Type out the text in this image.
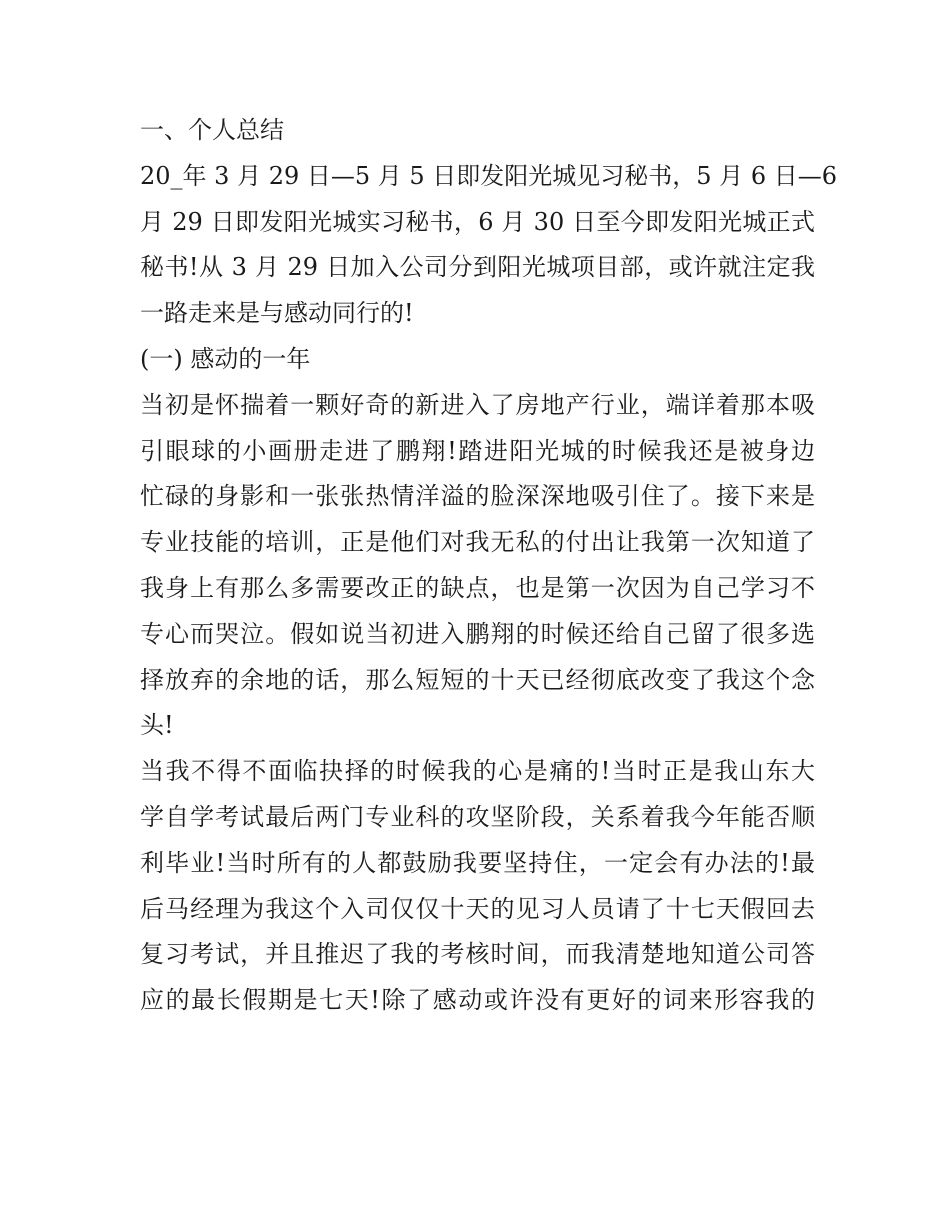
一、个人总结
20_年 3 月 29 日—5 月 5 日即发阳光城见习秘书，5 月 6 日—6
月 29 日即发阳光城实习秘书，6 月 30 日至今即发阳光城正式
秘书!从 3 月 29 日加入公司分到阳光城项目部，或许就注定我
一路走来是与感动同行的!
(一) 感动的一年
当初是怀揣着一颗好奇的新进入了房地产行业，端详着那本吸
引眼球的小画册走进了鹏翔!踏进阳光城的时候我还是被身边
忙碌的身影和一张张热情洋溢的脸深深地吸引住了。接下来是
专业技能的培训，正是他们对我无私的付出让我第一次知道了
我身上有那么多需要改正的缺点，也是第一次因为自己学习不
专心而哭泣。假如说当初进入鹏翔的时候还给自己留了很多选
择放弃的余地的话，那么短短的十天已经彻底改变了我这个念
头!
当我不得不面临抉择的时候我的心是痛的!当时正是我山东大
学自学考试最后两门专业科的攻坚阶段，关系着我今年能否顺
利毕业!当时所有的人都鼓励我要坚持住，一定会有办法的!最
后马经理为我这个入司仅仅十天的见习人员请了十七天假回去
复习考试，并且推迟了我的考核时间，而我清楚地知道公司答
应的最长假期是七天!除了感动或许没有更好的词来形容我的
